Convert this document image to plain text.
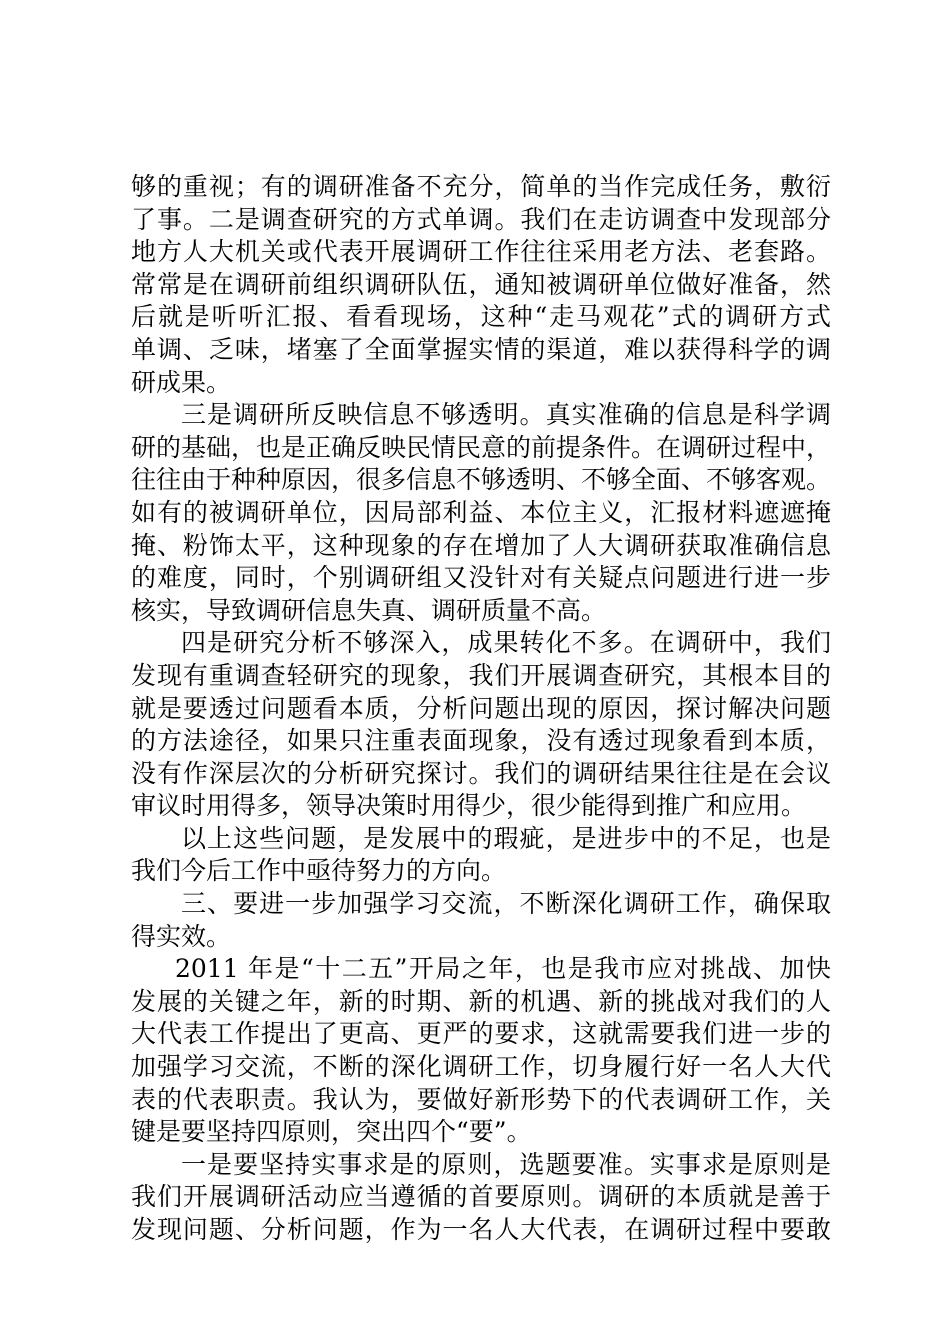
够的重视；有的调研准备不充分，简单的当作完成任务，敷衍
了事。二是调查研究的方式单调。我们在走访调查中发现部分
地方人大机关或代表开展调研工作往往采用老方法、老套路。
常常是在调研前组织调研队伍，通知被调研单位做好准备，然
后就是听听汇报、看看现场，这种“走马观花”式的调研方式
单调、乏味，堵塞了全面掌握实情的渠道，难以获得科学的调
研成果。
三是调研所反映信息不够透明。真实准确的信息是科学调
研的基础，也是正确反映民情民意的前提条件。在调研过程中，
往往由于种种原因，很多信息不够透明、不够全面、不够客观。
如有的被调研单位，因局部利益、本位主义，汇报材料遮遮掩
掩、粉饰太平，这种现象的存在增加了人大调研获取准确信息
的难度，同时，个别调研组又没针对有关疑点问题进行进一步
核实，导致调研信息失真、调研质量不高。
四是研究分析不够深入，成果转化不多。在调研中，我们
发现有重调查轻研究的现象，我们开展调查研究，其根本目的
就是要透过问题看本质，分析问题出现的原因，探讨解决问题
的方法途径，如果只注重表面现象，没有透过现象看到本质，
没有作深层次的分析研究探讨。我们的调研结果往往是在会议
审议时用得多，领导决策时用得少，很少能得到推广和应用。
以上这些问题，是发展中的瑕疵，是进步中的不足，也是
我们今后工作中亟待努力的方向。
三、要进一步加强学习交流，不断深化调研工作，确保取
得实效。
2011 年是“十二五”开局之年，也是我市应对挑战、加快
发展的关键之年，新的时期、新的机遇、新的挑战对我们的人
大代表工作提出了更高、更严的要求，这就需要我们进一步的
加强学习交流，不断的深化调研工作，切身履行好一名人大代
表的代表职责。我认为，要做好新形势下的代表调研工作，关
键是要坚持四原则，突出四个“要”。
一是要坚持实事求是的原则，选题要准。实事求是原则是
我们开展调研活动应当遵循的首要原则。调研的本质就是善于
发现问题、分析问题，作为一名人大代表，在调研过程中要敢
